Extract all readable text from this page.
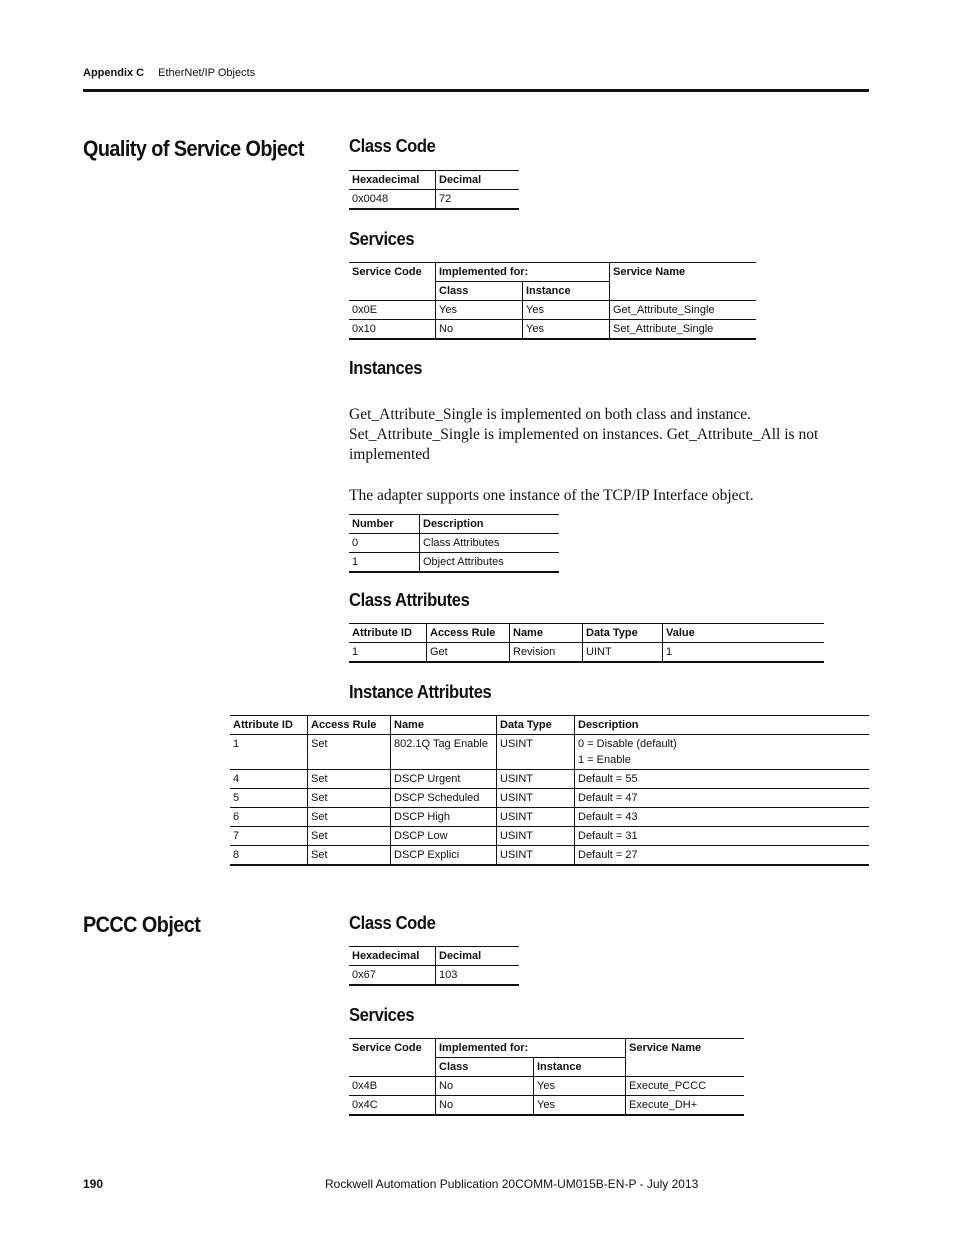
Appendix C EtherNet/IP Objects
Quality of Service Object	Class Code
Hexadecimal	Decimal
0x0048	72
Services
Service Code	Implemented for:		Service Name
	Class	Instance	
0x0E	Yes	Yes	Get_Attribute_Single
0x10	No	Yes	Set_Attribute_Single
Instances
Get_Attribute_Single is implemented on both class and instance. Set_Attribute_Single is implemented on instances. Get_Attribute_All is not implemented
The adapter supports one instance of the TCP/IP Interface object.
Number	Description
0	Class Attributes
1	Object Attributes
Class Attributes
Attribute ID	Access Rule	Name	Data Type	Value
1	Get	Revision	UINT	1
Instance Attributes
Attribute ID	Access Rule	Name	Data Type	Description
1	Set	802.1Q Tag Enable	USINT	0 = Disable (default)
1 = Enable

4	Set	DSCP Urgent	USINT	Default = 55
5	Set	DSCP Scheduled	USINT	Default = 47
6	Set	DSCP High	USINT	Default = 43
7	Set	DSCP Low	USINT	Default = 31
8	Set	DSCP Explici	USINT	Default = 27
PCCC Object	Class Code
Hexadecimal	Decimal
0x67	103
Services
Service Code	Implemented for:		Service Name
	Class	Instance	
0x4B	No	Yes	Execute_PCCC
0x4C	No	Yes	Execute_DH+
190	Rockwell Automation Publication 20COMM-UM015B-EN-P - July 2013
